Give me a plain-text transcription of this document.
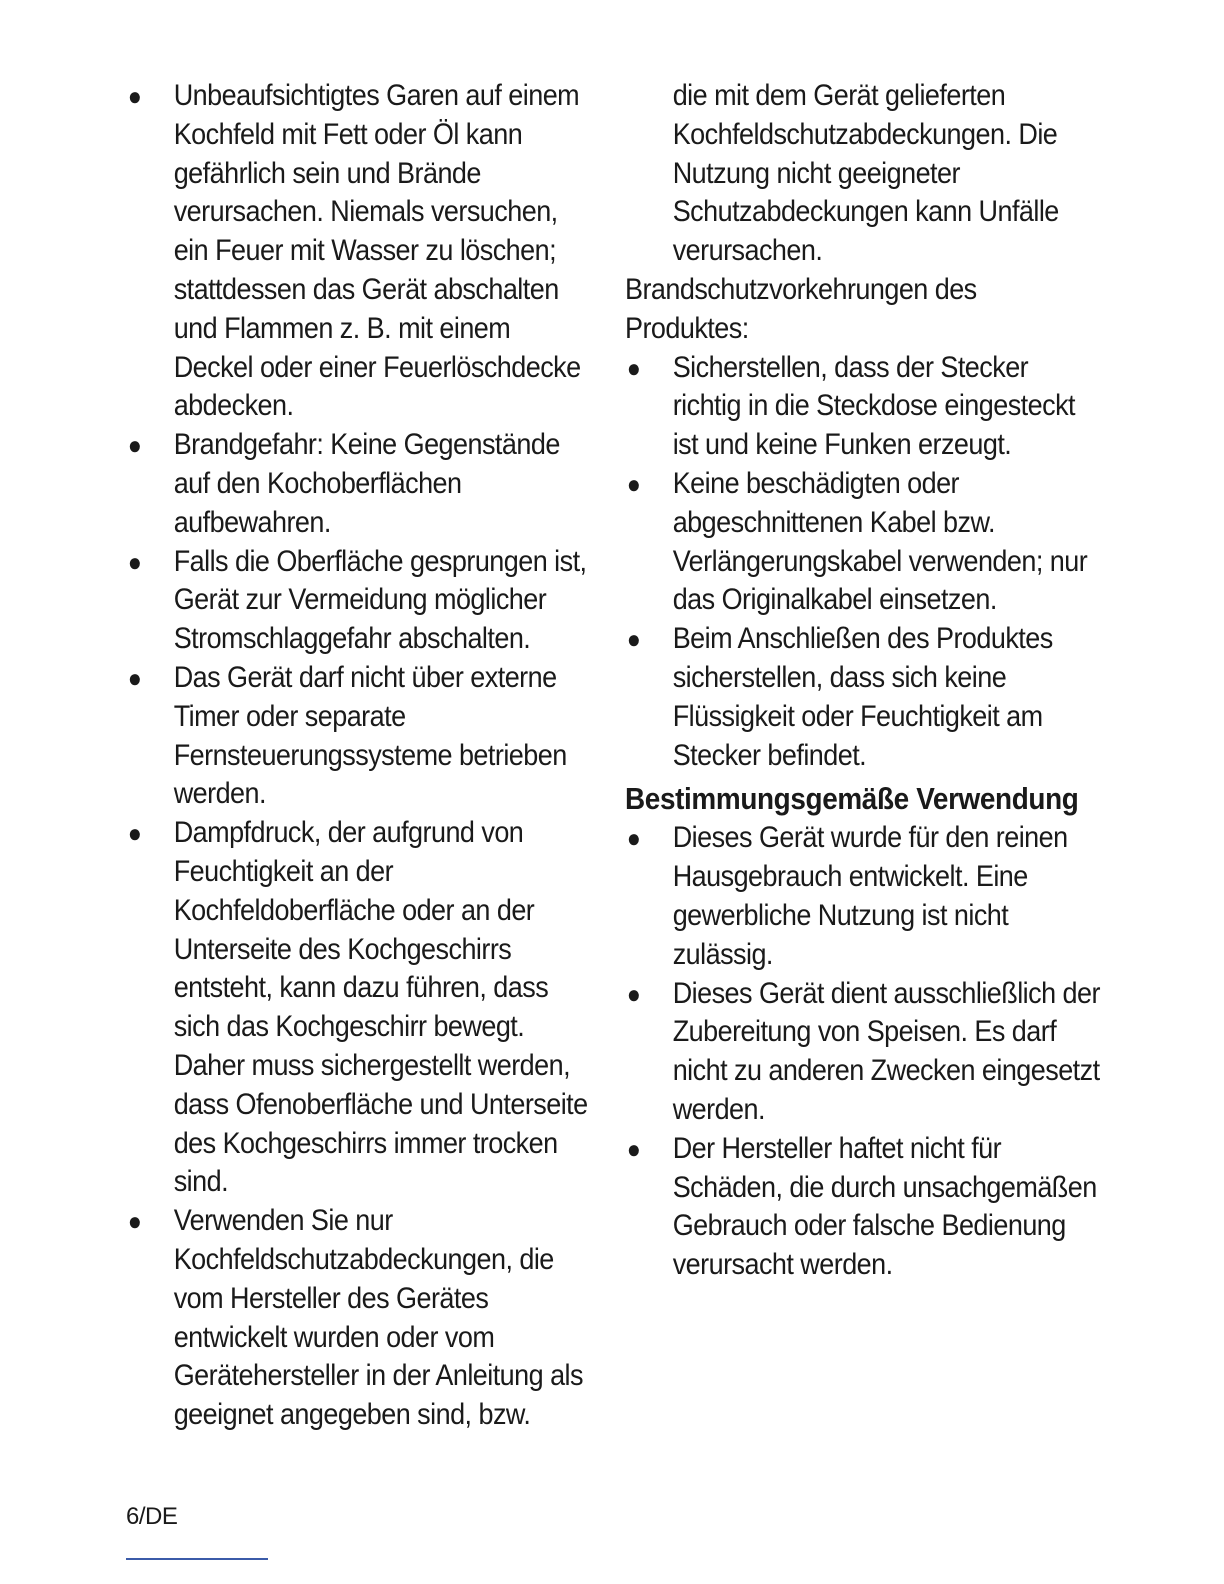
● Unbeaufsichtigtes Garen auf einem Kochfeld mit Fett oder Öl kann gefährlich sein und Brände verursachen. Niemals versuchen, ein Feuer mit Wasser zu löschen; stattdessen das Gerät abschalten und Flammen z. B. mit einem Deckel oder einer Feuerlöschdecke abdecken.
● Brandgefahr: Keine Gegenstände auf den Kochoberflächen aufbewahren.
● Falls die Oberfläche gesprungen ist, Gerät zur Vermeidung möglicher Stromschlaggefahr abschalten.
● Das Gerät darf nicht über externe Timer oder separate Fernsteuerungssysteme betrieben werden.
● Dampfdruck, der aufgrund von Feuchtigkeit an der Kochfeldoberfläche oder an der Unterseite des Kochgeschirrs entsteht, kann dazu führen, dass sich das Kochgeschirr bewegt. Daher muss sichergestellt werden, dass Ofenoberfläche und Unterseite des Kochgeschirrs immer trocken sind.
● Verwenden Sie nur Kochfeldschutzabdeckungen, die vom Hersteller des Gerätes entwickelt wurden oder vom Gerätehersteller in der Anleitung als geeignet angegeben sind, bzw.

die mit dem Gerät gelieferten Kochfeldschutzabdeckungen. Die Nutzung nicht geeigneter Schutzabdeckungen kann Unfälle verursachen.

Brandschutzvorkehrungen des Produktes:

● Sicherstellen, dass der Stecker richtig in die Steckdose eingesteckt ist und keine Funken erzeugt.
● Keine beschädigten oder abgeschnittenen Kabel bzw. Verlängerungskabel verwenden; nur das Originalkabel einsetzen.
● Beim Anschließen des Produktes sicherstellen, dass sich keine Flüssigkeit oder Feuchtigkeit am Stecker befindet.
Bestimmungsgemäße Verwendung
● Dieses Gerät wurde für den reinen Hausgebrauch entwickelt. Eine gewerbliche Nutzung ist nicht zulässig.
● Dieses Gerät dient ausschließlich der Zubereitung von Speisen. Es darf nicht zu anderen Zwecken eingesetzt werden.
● Der Hersteller haftet nicht für Schäden, die durch unsachgemäßen Gebrauch oder falsche Bedienung verursacht werden.
6/DE
